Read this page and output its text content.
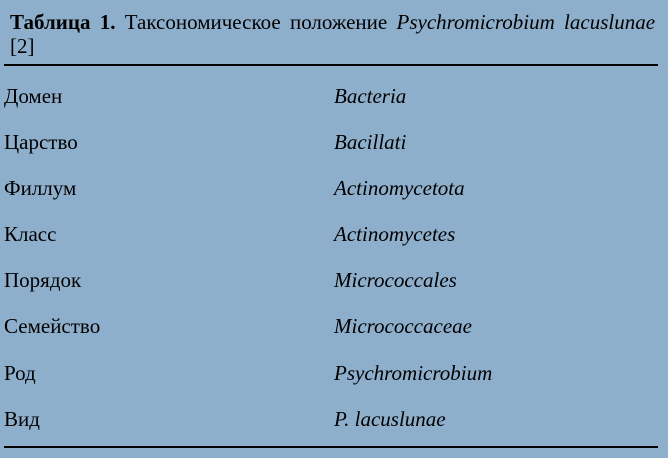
Таблица 1. Таксономическое положение Psychromicrobium lacuslunae [2]
Домен	Bacteria
Царство	Bacillati
Филлум	Actinomycetota
Класс	Actinomycetes
Порядок	Micrococcales
Семейство	Micrococcaceae
Род	Psychromicrobium
Вид	P. lacuslunae
